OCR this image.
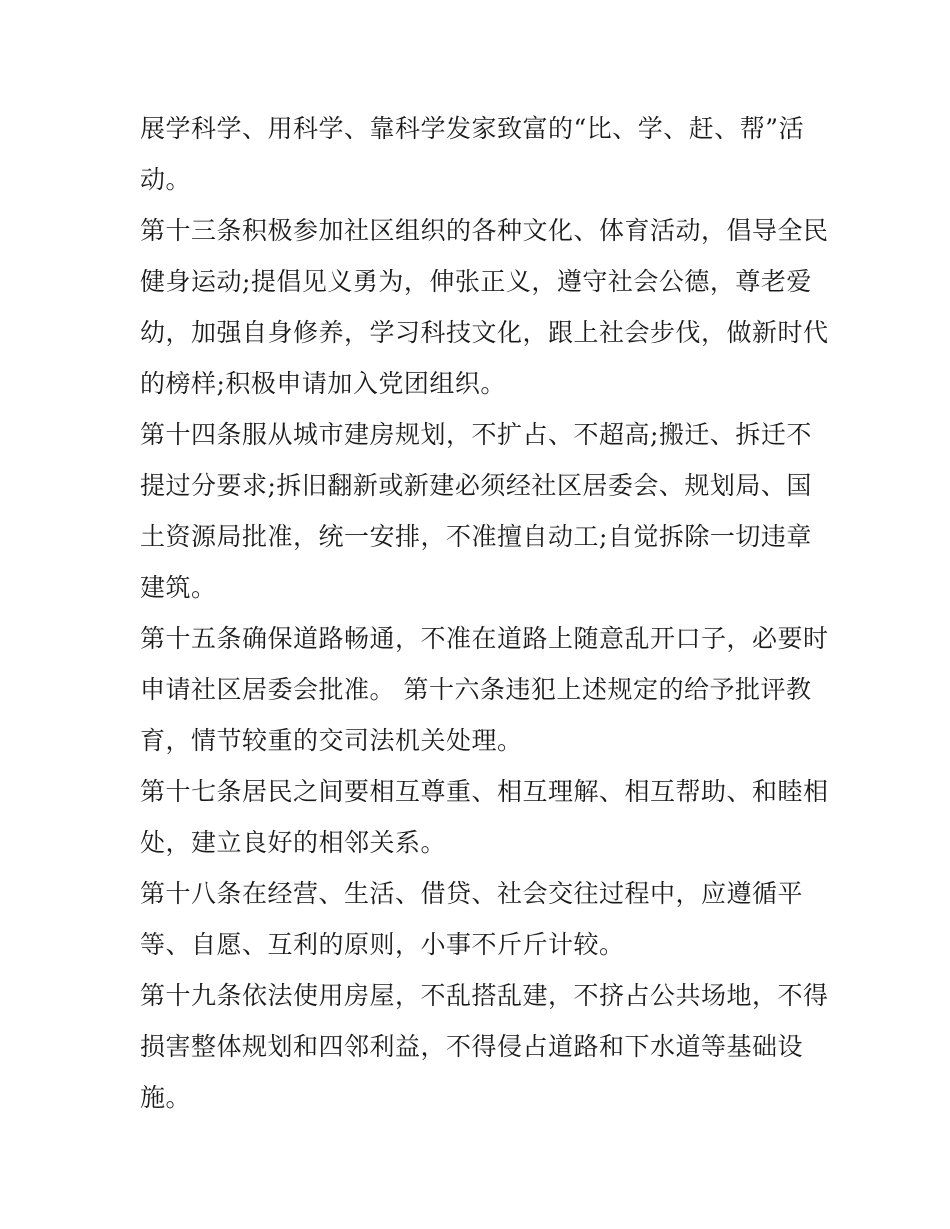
展学科学、用科学、靠科学发家致富的“比、学、赶、帮”活
动。
第十三条积极参加社区组织的各种文化、体育活动，倡导全民
健身运动;提倡见义勇为，伸张正义，遵守社会公德，尊老爱
幼，加强自身修养，学习科技文化，跟上社会步伐，做新时代
的榜样;积极申请加入党团组织。
第十四条服从城市建房规划，不扩占、不超高;搬迁、拆迁不
提过分要求;拆旧翻新或新建必须经社区居委会、规划局、国
土资源局批准，统一安排，不准擅自动工;自觉拆除一切违章
建筑。
第十五条确保道路畅通，不准在道路上随意乱开口子，必要时
申请社区居委会批准。 第十六条违犯上述规定的给予批评教
育，情节较重的交司法机关处理。
第十七条居民之间要相互尊重、相互理解、相互帮助、和睦相
处，建立良好的相邻关系。
第十八条在经营、生活、借贷、社会交往过程中，应遵循平
等、自愿、互利的原则，小事不斤斤计较。
第十九条依法使用房屋，不乱搭乱建，不挤占公共场地，不得
损害整体规划和四邻利益，不得侵占道路和下水道等基础设
施。
